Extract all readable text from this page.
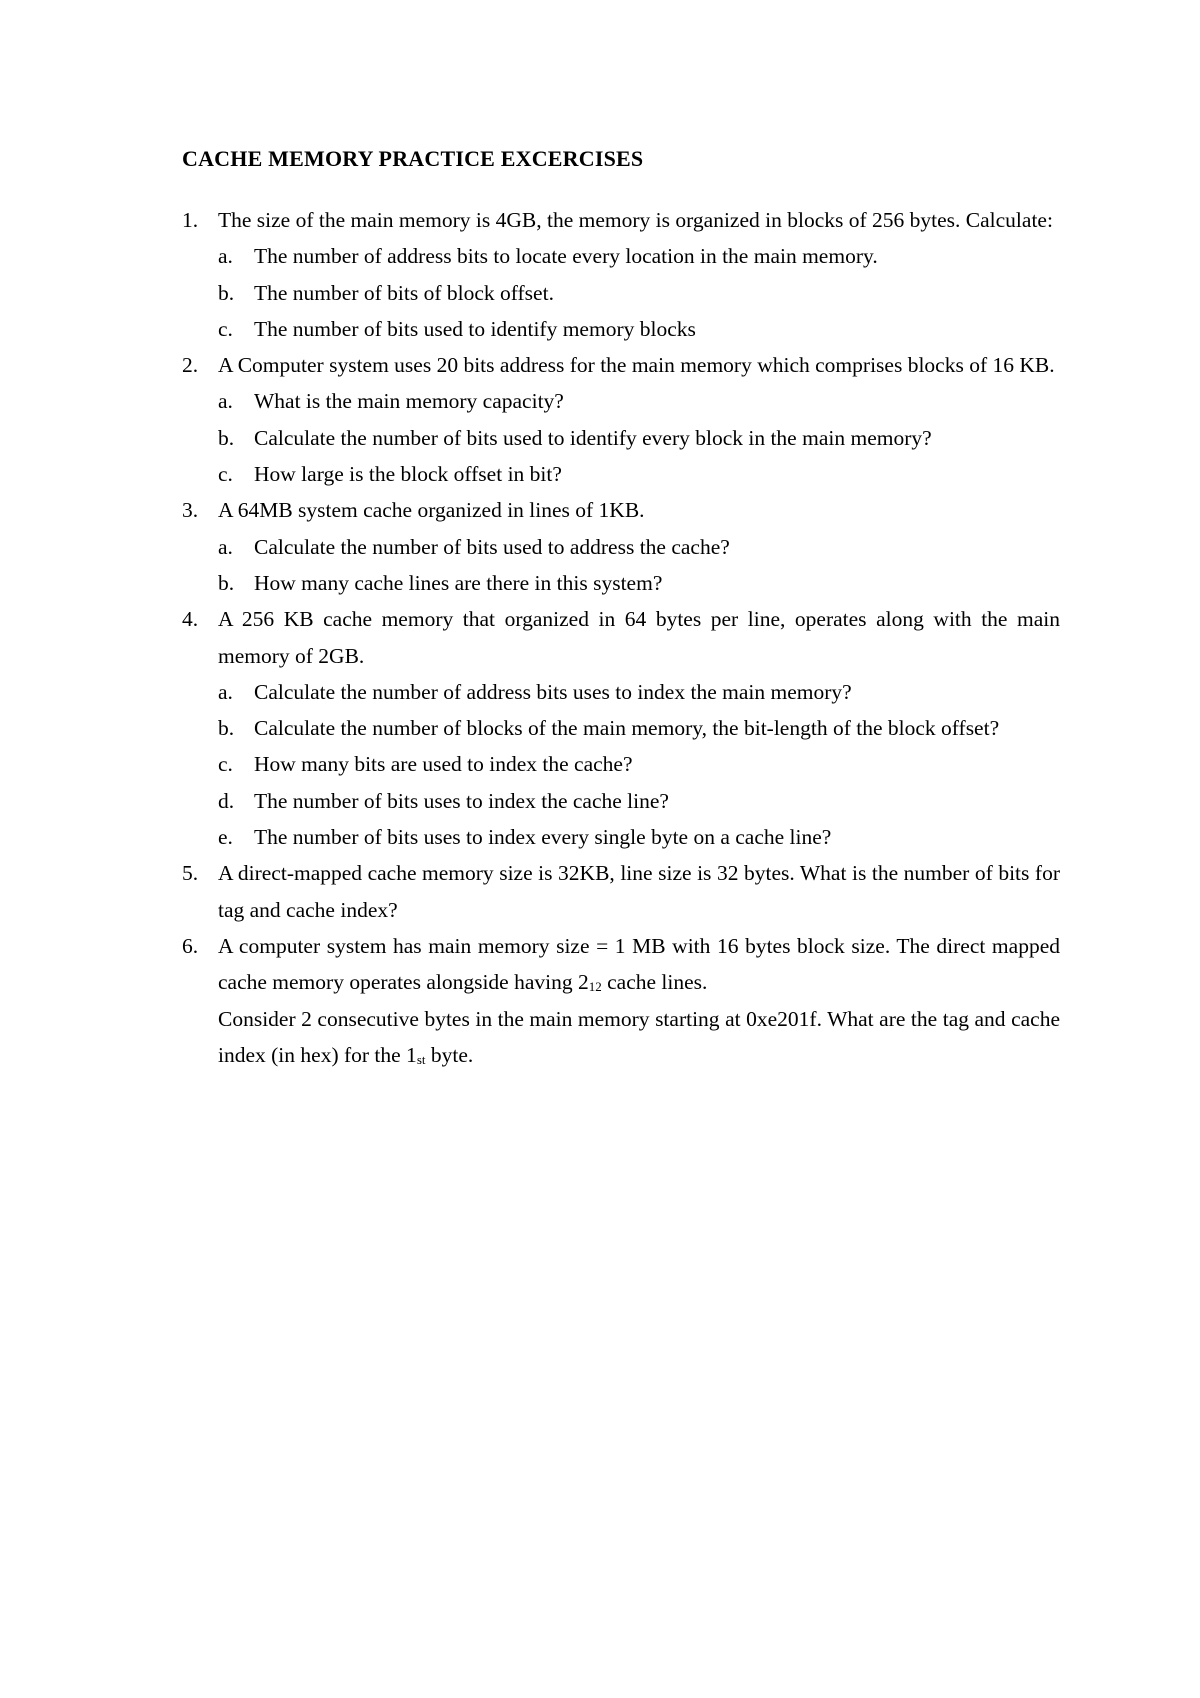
CACHE MEMORY PRACTICE EXCERCISES
1. The size of the main memory is 4GB, the memory is organized in blocks of 256 bytes. Calculate:
a. The number of address bits to locate every location in the main memory.
b. The number of bits of block offset.
c. The number of bits used to identify memory blocks
2. A Computer system uses 20 bits address for the main memory which comprises blocks of 16 KB.
a. What is the main memory capacity?
b. Calculate the number of bits used to identify every block in the main memory?
c. How large is the block offset in bit?
3. A 64MB system cache organized in lines of 1KB.
a. Calculate the number of bits used to address the cache?
b. How many cache lines are there in this system?
4. A 256 KB cache memory that organized in 64 bytes per line, operates along with the main memory of 2GB.
a. Calculate the number of address bits uses to index the main memory?
b. Calculate the number of blocks of the main memory, the bit-length of the block offset?
c. How many bits are used to index the cache?
d. The number of bits uses to index the cache line?
e. The number of bits uses to index every single byte on a cache line?
5. A direct-mapped cache memory size is 32KB, line size is 32 bytes. What is the number of bits for tag and cache index?
6. A computer system has main memory size = 1 MB with 16 bytes block size. The direct mapped cache memory operates alongside having $2_{12}$ cache lines.
Consider 2 consecutive bytes in the main memory starting at 0xe201f. What are the tag and cache index (in hex) for the $1_{st}$ byte.
